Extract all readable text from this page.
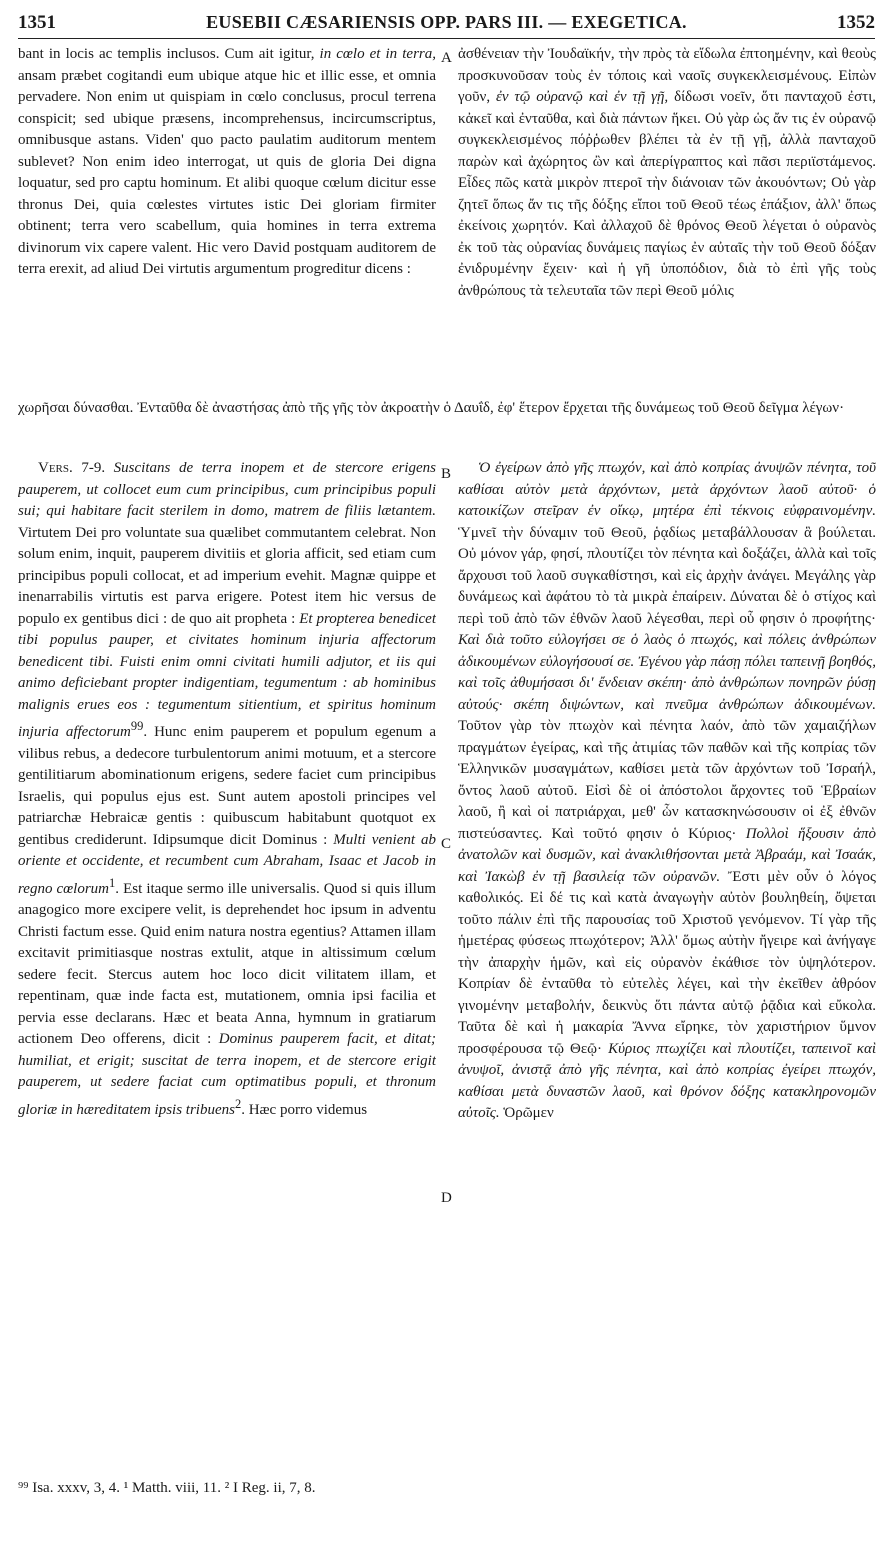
1351	EUSEBII CÆSARIENSIS OPP. PARS III. — EXEGETICA.	1352
A
B
C
D

bant in locis ac templis inclusos. Cum ait igitur, in cœlo et in terra, ansam præbet cogitandi eum ubique atque hic et illic esse, et omnia pervadere. Non enim ut quispiam in cœlo conclusus, procul terrena conspicit; sed ubique præsens, incomprehensus, incircumscriptus, omnibusque astans. Viden' quo pacto paulatim auditorum mentem sublevet? Non enim ideo interrogat, ut quis de gloria Dei digna loquatur, sed pro captu hominum. Et alibi quoque cœlum dicitur esse thronus Dei, quia cœlestes virtutes istic Dei gloriam firmiter obtinent; terra vero scabellum, quia homines in terra extrema divinorum vix capere valent. Hic vero David postquam auditorem de terra erexit, ad aliud Dei virtutis argumentum progreditur dicens :

ἀσθένειαν τὴν Ἰουδαϊκήν, τὴν πρὸς τὰ εἴδωλα ἐπτοημένην, καὶ θεοὺς προσκυνοῦσαν τοὺς ἐν τόποις καὶ ναοῖς συγκεκλεισμένους. Εἰπὼν γοῦν, ἐν τῷ οὐρανῷ καὶ ἐν τῇ γῇ, δίδωσι νοεῖν, ὅτι πανταχοῦ ἐστι, κἀκεῖ καὶ ἐνταῦθα, καὶ διὰ πάντων ἥκει. Οὐ γὰρ ὡς ἄν τις ἐν οὐρανῷ συγκεκλεισμένος πόῤῥωθεν βλέπει τὰ ἐν τῇ γῇ, ἀλλὰ πανταχοῦ παρὼν καὶ ἀχώρητος ὢν καὶ ἀπερίγραπτος καὶ πᾶσι περιϊστάμενος. Εἶδες πῶς κατὰ μικρὸν πτεροῖ τὴν διάνοιαν τῶν ἀκουόντων; Οὐ γὰρ ζητεῖ ὅπως ἄν τις τῆς δόξης εἴποι τοῦ Θεοῦ τέως ἐπάξιον, ἀλλ' ὅπως ἐκείνοις χωρητόν. Καὶ ἀλλαχοῦ δὲ θρόνος Θεοῦ λέγεται ὁ οὐρανὸς ἐκ τοῦ τὰς οὐρανίας δυνάμεις παγίως ἐν αὐταῖς τὴν τοῦ Θεοῦ δόξαν ἐνιδρυμένην ἔχειν· καὶ ἡ γῆ ὑποπόδιον, διὰ τὸ ἐπὶ γῆς τοὺς ἀνθρώπους τὰ τελευταῖα τῶν περὶ Θεοῦ μόλις

χωρῆσαι δύνασθαι. Ἐνταῦθα δὲ ἀναστήσας ἀπὸ τῆς γῆς τὸν ἀκροατὴν ὁ Δαυΐδ, ἐφ' ἕτερον ἔρχεται τῆς δυνάμεως τοῦ Θεοῦ δεῖγμα λέγων·

Vers. 7-9. Suscitans de terra inopem et de stercore erigens pauperem, ut collocet eum cum principibus, cum principibus populi sui; qui habitare facit sterilem in domo, matrem de filiis lætantem. Virtutem Dei pro voluntate sua quælibet commutantem celebrat. Non solum enim, inquit, pauperem divitiis et gloria afficit, sed etiam cum principibus populi collocat, et ad imperium evehit. Magnæ quippe et inenarrabilis virtutis est parva erigere. Potest item hic versus de populo ex gentibus dici : de quo ait propheta : Et propterea benedicet tibi populus pauper, et civitates hominum injuria affectorum benedicent tibi. Fuisti enim omni civitati humili adjutor, et iis qui animo deficiebant propter indigentiam, tegumentum : ab hominibus malignis erues eos : tegumentum sitientium, et spiritus hominum injuria affectorum$^{99}$. Hunc enim pauperem et populum egenum a vilibus rebus, a dedecore turbulentorum animi motuum, et a stercore gentilitiarum abominationum erigens, sedere faciet cum principibus Israelis, qui populus ejus est. Sunt autem apostoli principes vel patriarchæ Hebraicæ gentis : quibuscum habitabunt quotquot ex gentibus crediderunt. Idipsumque dicit Dominus : Multi venient ab oriente et occidente, et recumbent cum Abraham, Isaac et Jacob in regno cœlorum$^1$. Est itaque sermo ille universalis. Quod si quis illum anagogico more excipere velit, is deprehendet hoc ipsum in adventu Christi factum esse. Quid enim natura nostra egentius? Attamen illam excitavit primitiasque nostras extulit, atque in altissimum cœlum sedere fecit. Stercus autem hoc loco dicit vilitatem illam, et repentinam, quæ inde facta est, mutationem, omnia ipsi facilia et pervia esse declarans. Hæc et beata Anna, hymnum in gratiarum actionem Deo offerens, dicit : Dominus pauperem facit, et ditat; humiliat, et erigit; suscitat de terra inopem, et de stercore erigit pauperem, ut sedere faciat cum optimatibus populi, et thronum gloriæ in hæreditatem ipsis tribuens$^2$. Hæc porro videmus

Ὁ ἐγείρων ἀπὸ γῆς πτωχόν, καὶ ἀπὸ κοπρίας ἀνυψῶν πένητα, τοῦ καθίσαι αὐτὸν μετὰ ἀρχόντων, μετὰ ἀρχόντων λαοῦ αὐτοῦ· ὁ κατοικίζων στεῖραν ἐν οἴκῳ, μητέρα ἐπὶ τέκνοις εὐφραινομένην. Ὑμνεῖ τὴν δύναμιν τοῦ Θεοῦ, ῥᾳδίως μεταβάλλουσαν ἃ βούλεται. Οὐ μόνον γάρ, φησί, πλουτίζει τὸν πένητα καὶ δοξάζει, ἀλλὰ καὶ τοῖς ἄρχουσι τοῦ λαοῦ συγκαθίστησι, καὶ εἰς ἀρχὴν ἀνάγει. Μεγάλης γὰρ δυνάμεως καὶ ἀφάτου τὸ τὰ μικρὰ ἐπαίρειν. Δύναται δὲ ὁ στίχος καὶ περὶ τοῦ ἀπὸ τῶν ἐθνῶν λαοῦ λέγεσθαι, περὶ οὗ φησιν ὁ προφήτης· Καὶ διὰ τοῦτο εὐλογήσει σε ὁ λαὸς ὁ πτωχός, καὶ πόλεις ἀνθρώπων ἀδικουμένων εὐλογήσουσί σε. Ἐγένου γὰρ πάσῃ πόλει ταπεινῇ βοηθός, καὶ τοῖς ἀθυμήσασι δι' ἔνδειαν σκέπη· ἀπὸ ἀνθρώπων πονηρῶν ῥύσῃ αὐτούς· σκέπη διψώντων, καὶ πνεῦμα ἀνθρώπων ἀδικουμένων. Τοῦτον γὰρ τὸν πτωχὸν καὶ πένητα λαόν, ἀπὸ τῶν χαμαιζήλων πραγμάτων ἐγείρας, καὶ τῆς ἀτιμίας τῶν παθῶν καὶ τῆς κοπρίας τῶν Ἑλληνικῶν μυσαγμάτων, καθίσει μετὰ τῶν ἀρχόντων τοῦ Ἰσραήλ, ὄντος λαοῦ αὐτοῦ. Εἰσὶ δὲ οἱ ἀπόστολοι ἄρχοντες τοῦ Ἑβραίων λαοῦ, ἢ καὶ οἱ πατριάρχαι, μεθ' ὧν κατασκηνώσουσιν οἱ ἐξ ἐθνῶν πιστεύσαντες. Καὶ τοῦτό φησιν ὁ Κύριος· Πολλοὶ ἥξουσιν ἀπὸ ἀνατολῶν καὶ δυσμῶν, καὶ ἀνακλιθήσονται μετὰ Ἀβραάμ, καὶ Ἰσαάκ, καὶ Ἰακὼβ ἐν τῇ βασιλείᾳ τῶν οὐρανῶν. Ἔστι μὲν οὖν ὁ λόγος καθολικός. Εἰ δέ τις καὶ κατὰ ἀναγωγὴν αὐτὸν βουληθείη, ὄψεται τοῦτο πάλιν ἐπὶ τῆς παρουσίας τοῦ Χριστοῦ γενόμενον. Τί γὰρ τῆς ἡμετέρας φύσεως πτωχότερον; Ἀλλ' ὅμως αὐτὴν ἤγειρε καὶ ἀνήγαγε τὴν ἀπαρχὴν ἡμῶν, καὶ εἰς οὐρανὸν ἐκάθισε τὸν ὑψηλότερον. Κοπρίαν δὲ ἐνταῦθα τὸ εὐτελὲς λέγει, καὶ τὴν ἐκεῖθεν ἀθρόον γινομένην μεταβολήν, δεικνὺς ὅτι πάντα αὐτῷ ῥᾷδια καὶ εὔκολα. Ταῦτα δὲ καὶ ἡ μακαρία Ἄννα εἴρηκε, τὸν χαριστήριον ὕμνον προσφέρουσα τῷ Θεῷ· Κύριος πτωχίζει καὶ πλουτίζει, ταπεινοῖ καὶ ἀνυψοῖ, ἀνιστᾷ ἀπὸ γῆς πένητα, καὶ ἀπὸ κοπρίας ἐγείρει πτωχόν, καθίσαι μετὰ δυναστῶν λαοῦ, καὶ θρόνον δόξης κατακληρονομῶν αὐτοῖς. Ὁρῶμεν

⁹⁹ Isa. xxxv, 3, 4. ¹ Matth. viii, 11. ² I Reg. ii, 7, 8.
